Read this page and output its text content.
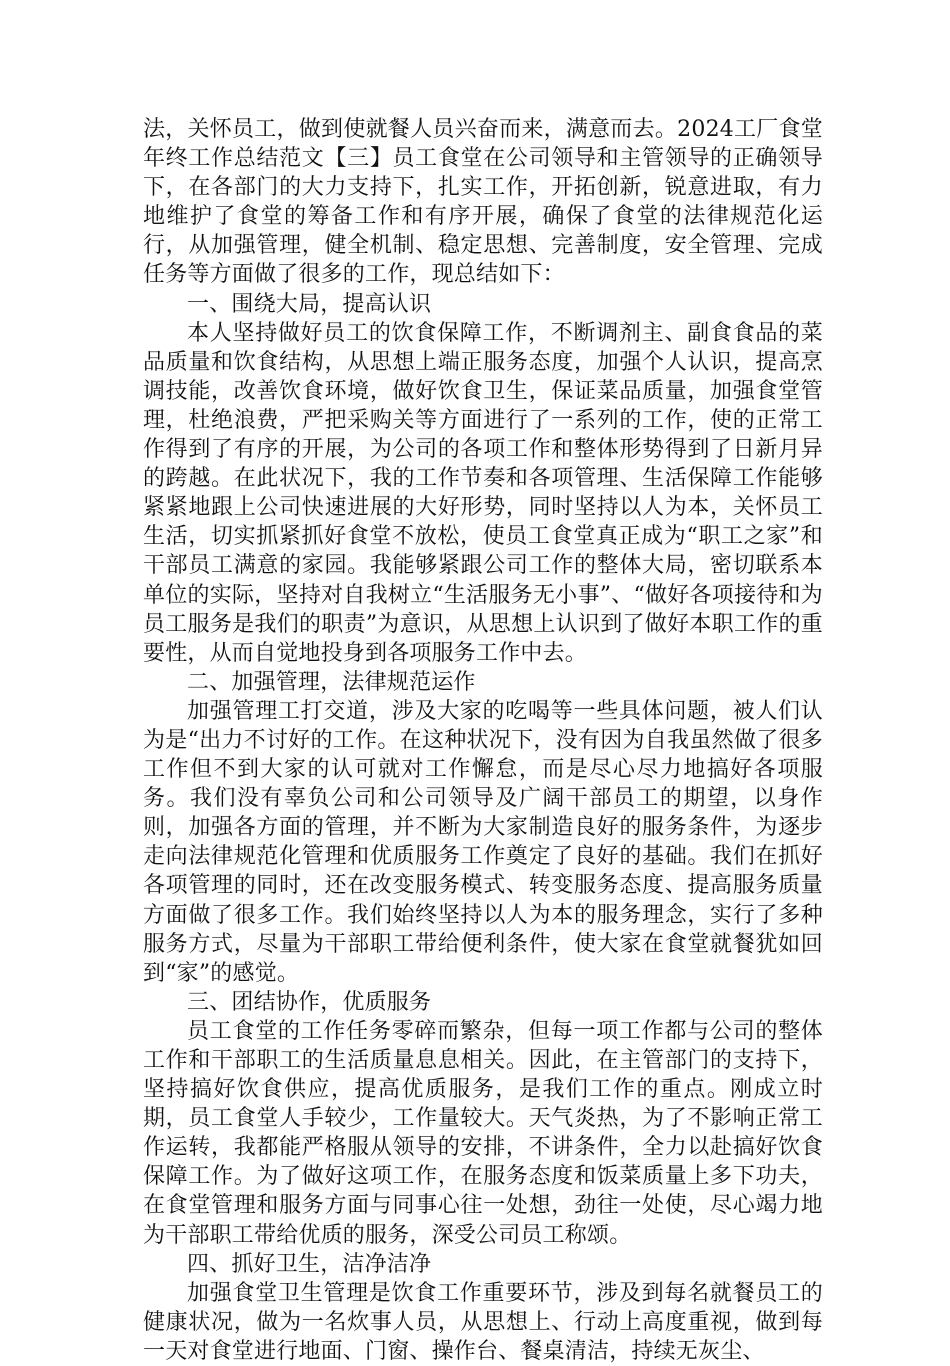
法，关怀员工，做到使就餐人员兴奋而来，满意而去。2024工厂食堂年终工作总结范文【三】员工食堂在公司领导和主管领导的正确领导下，在各部门的大力支持下，扎实工作，开拓创新，锐意进取，有力地维护了食堂的筹备工作和有序开展，确保了食堂的法律规范化运行，从加强管理，健全机制、稳定思想、完善制度，安全管理、完成任务等方面做了很多的工作，现总结如下：

一、围绕大局，提高认识

本人坚持做好员工的饮食保障工作，不断调剂主、副食食品的菜品质量和饮食结构，从思想上端正服务态度，加强个人认识，提高烹调技能，改善饮食环境，做好饮食卫生，保证菜品质量，加强食堂管理，杜绝浪费，严把采购关等方面进行了一系列的工作，使的正常工作得到了有序的开展，为公司的各项工作和整体形势得到了日新月异的跨越。在此状况下，我的工作节奏和各项管理、生活保障工作能够紧紧地跟上公司快速进展的大好形势，同时坚持以人为本，关怀员工生活，切实抓紧抓好食堂不放松，使员工食堂真正成为“职工之家”和干部员工满意的家园。我能够紧跟公司工作的整体大局，密切联系本单位的实际，坚持对自我树立“生活服务无小事”、“做好各项接待和为员工服务是我们的职责”为意识，从思想上认识到了做好本职工作的重要性，从而自觉地投身到各项服务工作中去。

二、加强管理，法律规范运作

加强管理工打交道，涉及大家的吃喝等一些具体问题，被人们认为是“出力不讨好的工作。在这种状况下，没有因为自我虽然做了很多工作但不到大家的认可就对工作懈怠，而是尽心尽力地搞好各项服务。我们没有辜负公司和公司领导及广阔干部员工的期望，以身作则，加强各方面的管理，并不断为大家制造良好的服务条件，为逐步走向法律规范化管理和优质服务工作奠定了良好的基础。我们在抓好各项管理的同时，还在改变服务模式、转变服务态度、提高服务质量方面做了很多工作。我们始终坚持以人为本的服务理念，实行了多种服务方式，尽量为干部职工带给便利条件，使大家在食堂就餐犹如回到“家”的感觉。

三、团结协作，优质服务

员工食堂的工作任务零碎而繁杂，但每一项工作都与公司的整体工作和干部职工的生活质量息息相关。因此，在主管部门的支持下，坚持搞好饮食供应，提高优质服务，是我们工作的重点。刚成立时期，员工食堂人手较少，工作量较大。天气炎热，为了不影响正常工作运转，我都能严格服从领导的安排，不讲条件，全力以赴搞好饮食保障工作。为了做好这项工作，在服务态度和饭菜质量上多下功夫，在食堂管理和服务方面与同事心往一处想，劲往一处使，尽心竭力地为干部职工带给优质的服务，深受公司员工称颂。

四、抓好卫生，洁净洁净

加强食堂卫生管理是饮食工作重要环节，涉及到每名就餐员工的健康状况，做为一名炊事人员，从思想上、行动上高度重视，做到每一天对食堂进行地面、门窗、操作台、餐桌清洁，持续无灰尘、
